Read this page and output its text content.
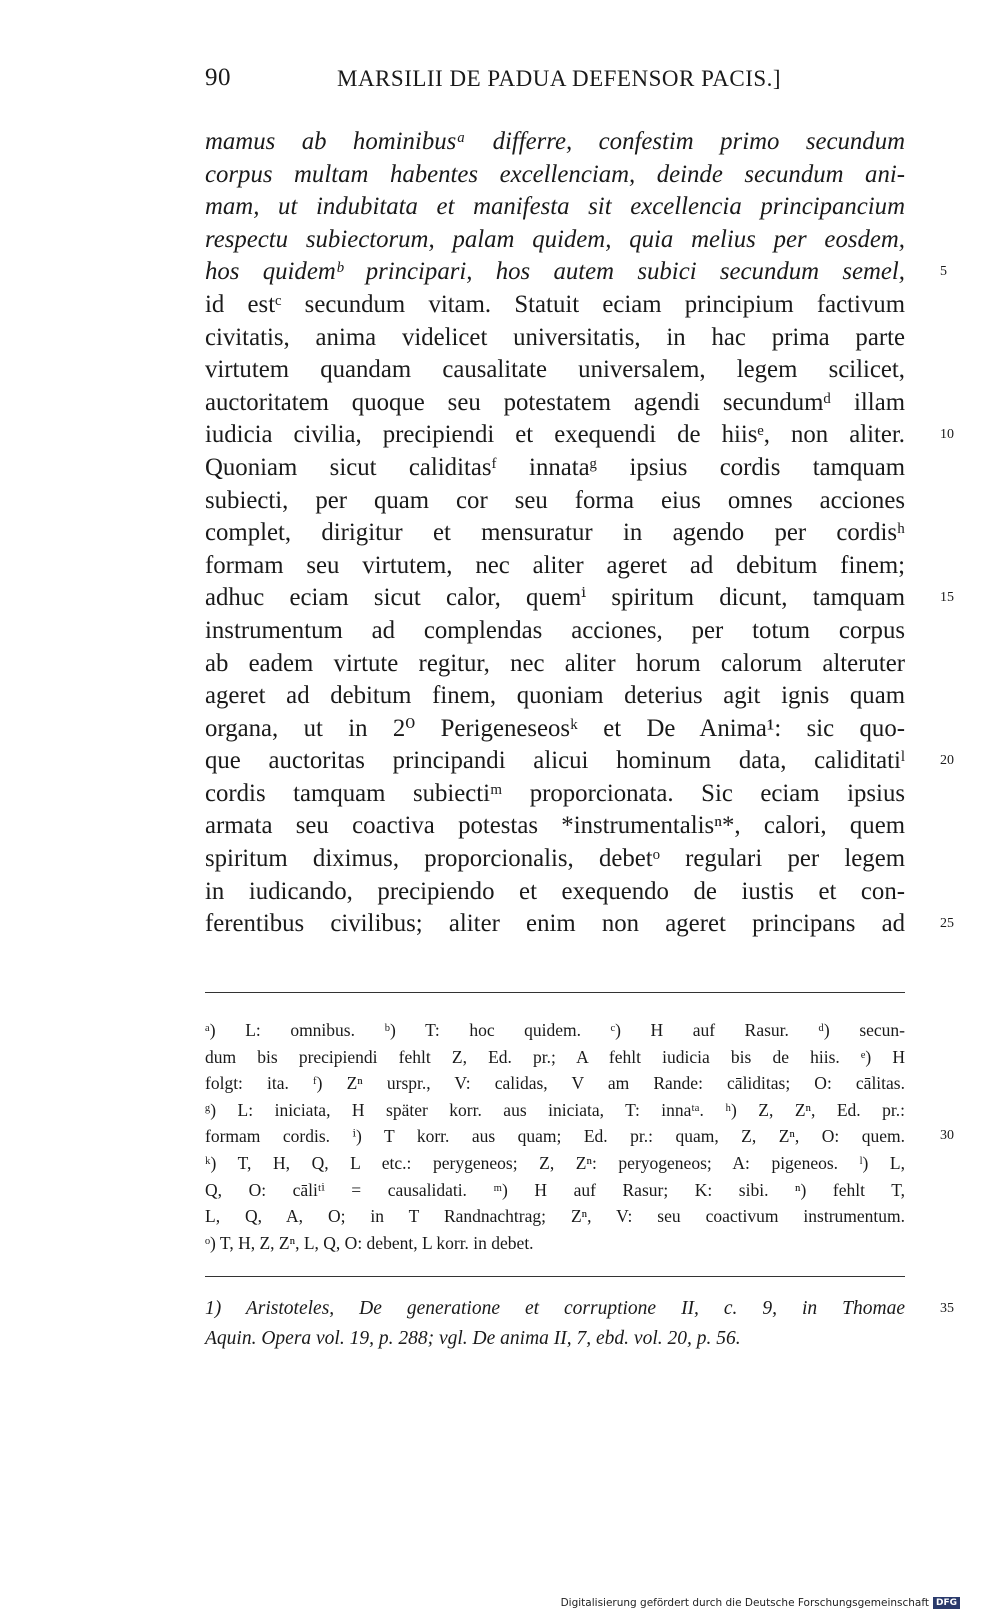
90	MARSILII DE PADUA DEFENSOR PACIS.]
mamus ab hominibusᵃ differre, confestim primo secundum
corpus multam habentes excellenciam, deinde secundum ani-
mam, ut indubitata et manifesta sit excellencia principancium
respectu subiectorum, palam quidem, quia melius per eosdem,
hos quidemᵇ principari, hos autem subici secundum semel,	5
id estᶜ secundum vitam. Statuit eciam principium factivum
civitatis, anima videlicet universitatis, in hac prima parte
virtutem quandam causalitate universalem, legem scilicet,
auctoritatem quoque seu potestatem agendi secundumᵈ illam
iudicia civilia, precipiendi et exequendi de hiisᵉ, non aliter.	10
Quoniam sicut caliditasᶠ innataᵍ ipsius cordis tamquam
subiecti, per quam cor seu forma eius omnes acciones
complet, dirigitur et mensuratur in agendo per cordisʰ
formam seu virtutem, nec aliter ageret ad debitum finem;
adhuc eciam sicut calor, quemⁱ spiritum dicunt, tamquam	15
instrumentum ad complendas acciones, per totum corpus
ab eadem virtute regitur, nec aliter horum calorum alteruter
ageret ad debitum finem, quoniam deterius agit ignis quam
organa, ut in 2⁰ Perigeneseosᵏ et De Anima¹: sic quo-
que auctoritas principandi alicui hominum data, caliditatiˡ	20
cordis tamquam subiectiᵐ proporcionata. Sic eciam ipsius
armata seu coactiva potestas *instrumentalisⁿ*, calori, quem
spiritum diximus, proporcionalis, debetᵒ regulari per legem
in iudicando, precipiendo et exequendo de iustis et con-
ferentibus civilibus; aliter enim non ageret principans ad	25
ᵃ) L: omnibus. ᵇ) T: hoc quidem. ᶜ) H auf Rasur. ᵈ) secun-
dum bis precipiendi fehlt Z, Ed. pr.; A fehlt iudicia bis de hiis. ᵉ) H
folgt: ita. ᶠ) Zⁿ urspr., V: calidas, V am Rande: cāliditas; O: cālitas.
ᵍ) L: iniciata, H später korr. aus iniciata, T: innaᵗᵃ. ʰ) Z, Zⁿ, Ed. pr.:
formam cordis. ⁱ) T korr. aus quam; Ed. pr.: quam, Z, Zⁿ, O: quem.	30
ᵏ) T, H, Q, L etc.: perygeneos; Z, Zⁿ: peryogeneos; A: pigeneos. ˡ) L,
Q, O: cāliᵗⁱ = causalidati. ᵐ) H auf Rasur; K: sibi. ⁿ) fehlt T,
L, Q, A, O; in T Randnachtrag; Zⁿ, V: seu coactivum instrumentum.
ᵒ) T, H, Z, Zⁿ, L, Q, O: debent, L korr. in debet.
1) Aristoteles, De generatione et corruptione II, c. 9, in Thomae	35
Aquin. Opera vol. 19, p. 288; vgl. De anima II, 7, ebd. vol. 20, p. 56.
Digitalisierung gefördert durch die Deutsche Forschungsgemeinschaft DFG
